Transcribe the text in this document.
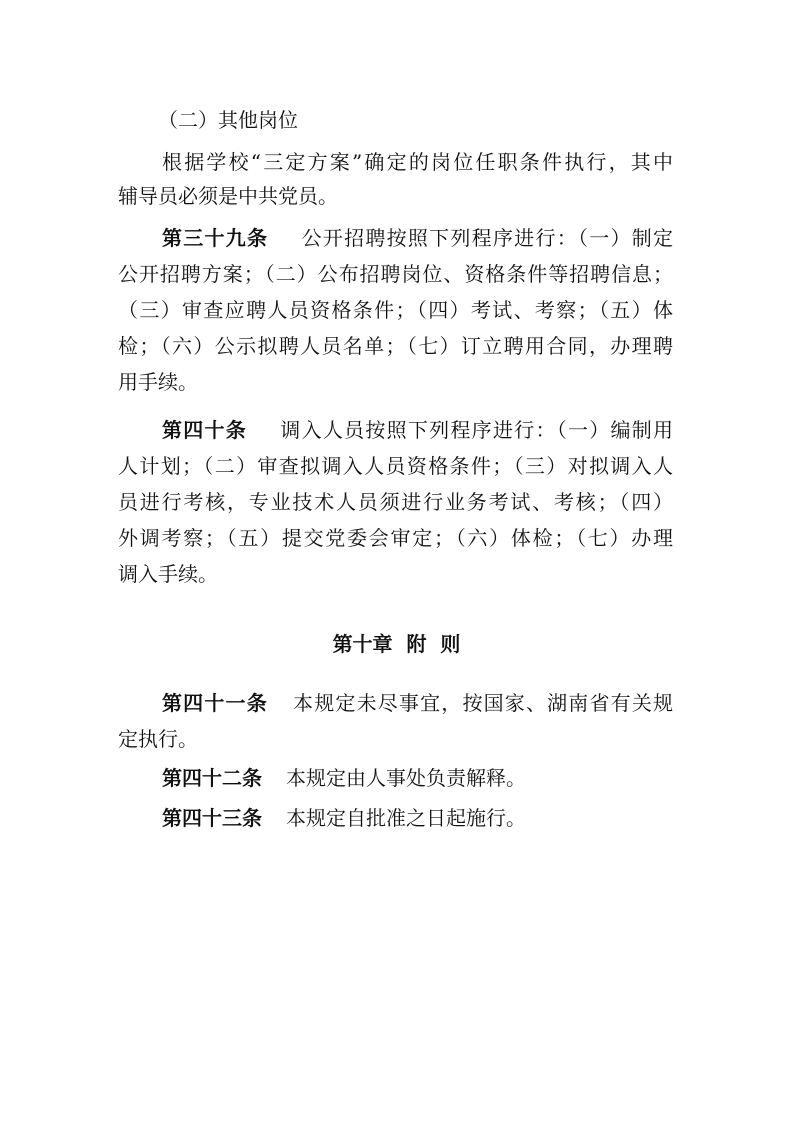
（二）其他岗位
根据学校“三定方案”确定的岗位任职条件执行，其中
辅导员必须是中共党员。
第三十九条 公开招聘按照下列程序进行：（一）制定
公开招聘方案；（二）公布招聘岗位、资格条件等招聘信息；
（三）审查应聘人员资格条件；（四）考试、考察；（五）体
检；（六）公示拟聘人员名单；（七）订立聘用合同，办理聘
用手续。
第四十条 调入人员按照下列程序进行：（一）编制用
人计划；（二）审查拟调入人员资格条件；（三）对拟调入人
员进行考核，专业技术人员须进行业务考试、考核；（四）
外调考察；（五）提交党委会审定；（六）体检；（七）办理
调入手续。
第十章  附  则
第四十一条 本规定未尽事宜，按国家、湖南省有关规
定执行。
第四十二条 本规定由人事处负责解释。
第四十三条 本规定自批准之日起施行。
